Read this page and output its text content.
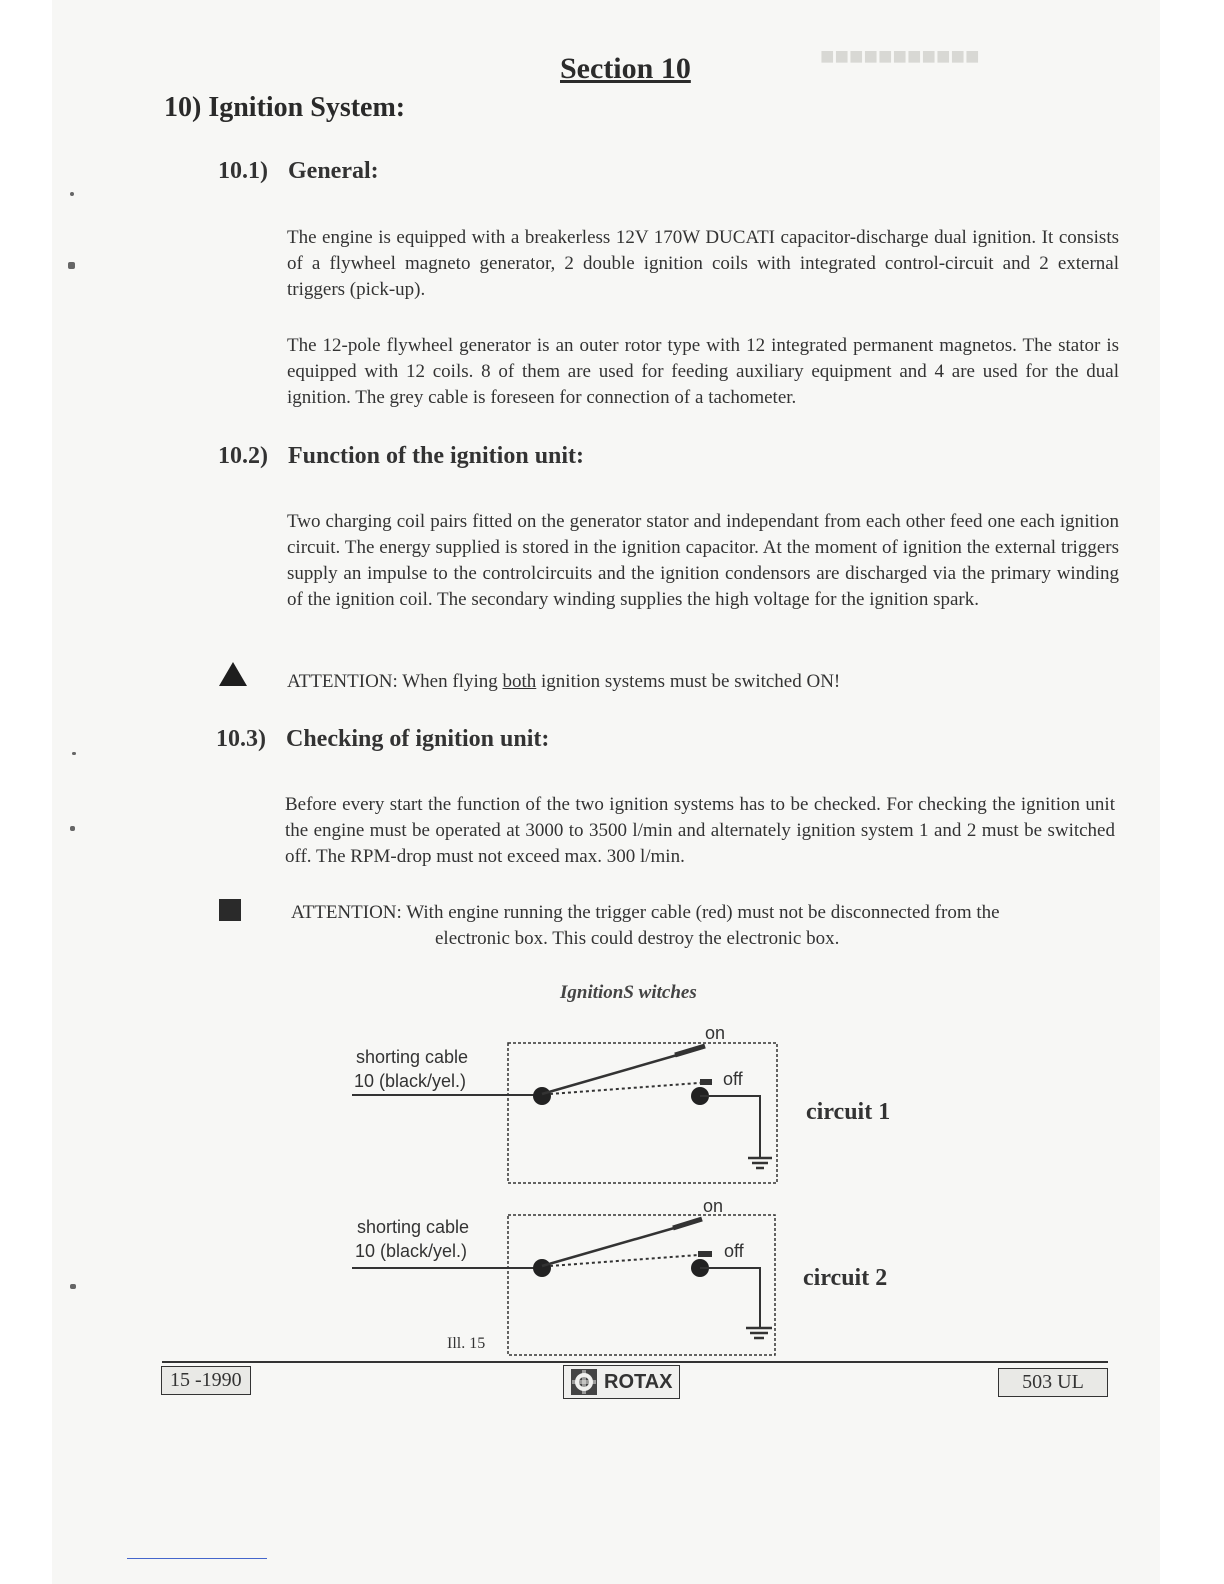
■■■■■■■■■■■
Section 10
10) Ignition System:
10.1) General:
The engine is equipped with a breakerless 12V 170W DUCATI capacitor-discharge dual ignition. It consists of a flywheel magneto generator, 2 double ignition coils with integrated control-circuit and 2 external triggers (pick-up).
The 12-pole flywheel generator is an outer rotor type with 12 integrated permanent magnetos. The stator is equipped with 12 coils. 8 of them are used for feeding auxiliary equipment and 4 are used for the dual ignition. The grey cable is foreseen for connection of a tachometer.
10.2) Function of the ignition unit:
Two charging coil pairs fitted on the generator stator and independant from each other feed one each ignition circuit. The energy supplied is stored in the ignition capacitor. At the moment of ignition the external triggers supply an impulse to the controlcircuits and the ignition condensors are discharged via the primary winding of the ignition coil. The secondary winding supplies the high voltage for the ignition spark.
ATTENTION: When flying both ignition systems must be switched ON!
10.3) Checking of ignition unit:
Before every start the function of the two ignition systems has to be checked. For checking the ignition unit the engine must be operated at 3000 to 3500 l/min and alternately ignition system 1 and 2 must be switched off. The RPM-drop must not exceed max. 300 l/min.
ATTENTION: With engine running the trigger cable (red) must not be disconnected from the
electronic box. This could destroy the electronic box.
IgnitionS witches
on
off
shorting cable
10 (black/yel.)
circuit 1
on
off
shorting cable
10 (black/yel.)
circuit 2
Ill. 15
15 -1990	ROTAX	503 UL
